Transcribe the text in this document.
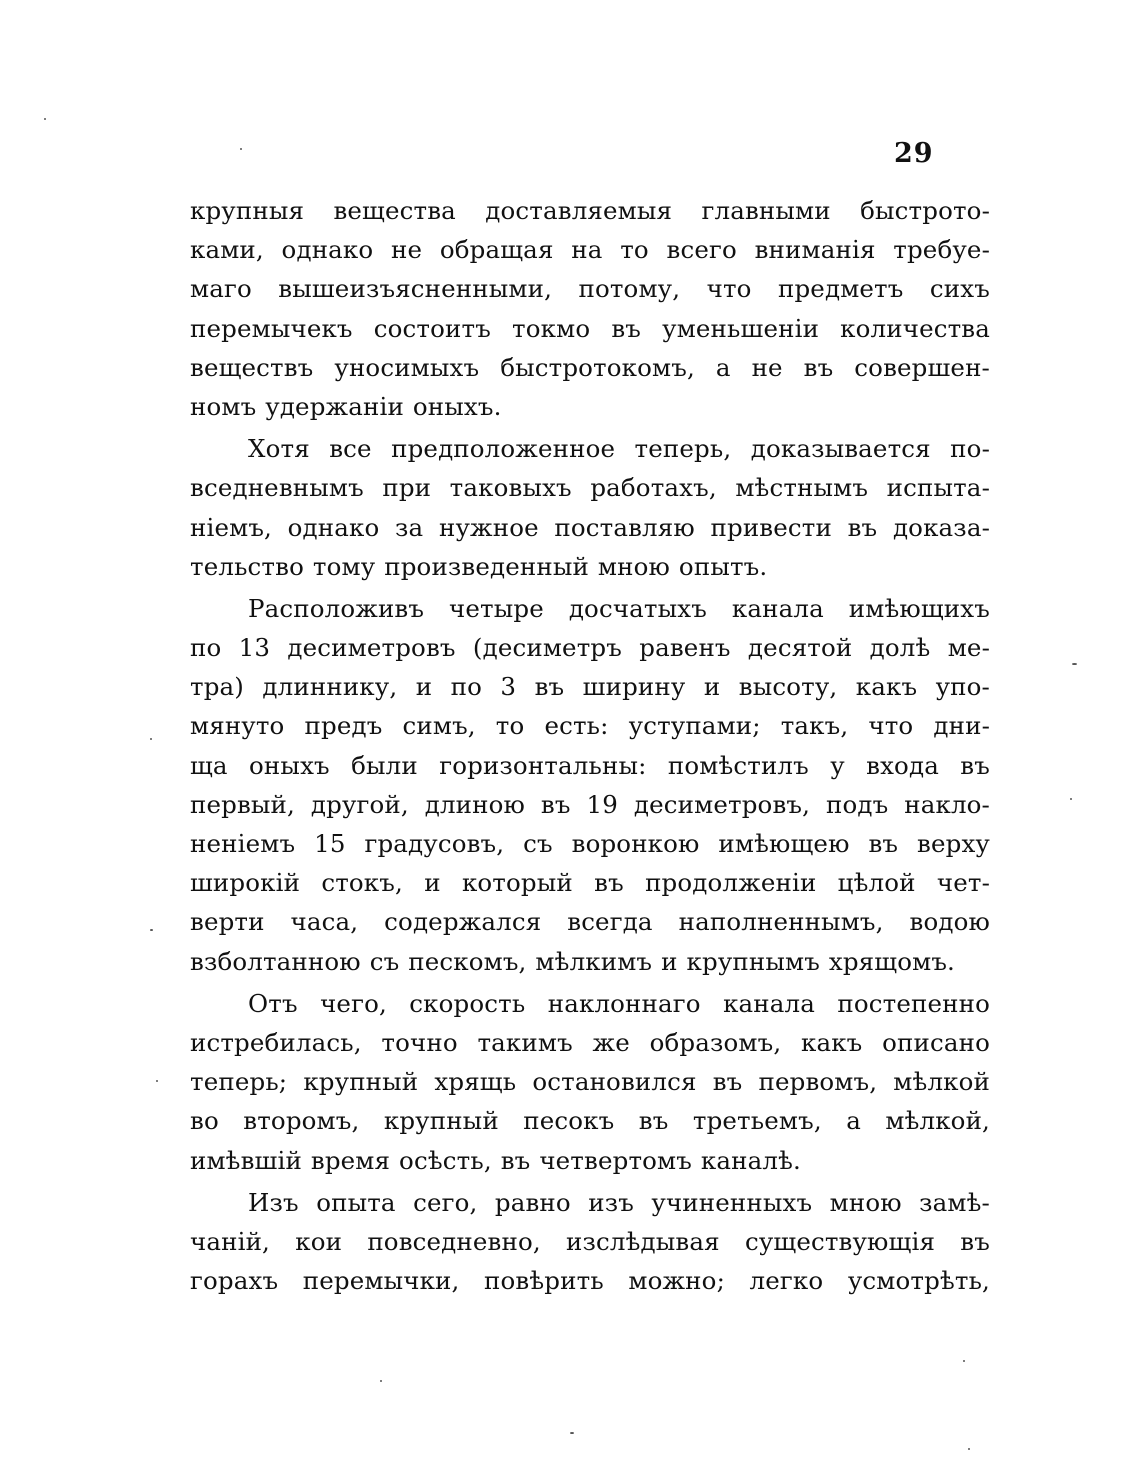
29
крупныя вещества доставляемыя главными быстрото-
ками, однако не обращая на то всего вниманія требуе-
маго вышеизъясненными, потому, что предметъ сихъ
перемычекъ состоитъ токмо въ уменьшеніи количества
веществъ уносимыхъ быстротокомъ, а не въ совершен-
номъ удержаніи оныхъ.
Хотя все предположенное теперь, доказывается по-
вседневнымъ при таковыхъ работахъ, мѣстнымъ испыта-
ніемъ, однако за нужное поставляю привести въ доказа-
тельство тому произведенный мною опытъ.
Расположивъ четыре досчатыхъ канала имѣющихъ
по 13 десиметровъ (десиметръ равенъ десятой долѣ ме-
тра) длиннику, и по 3 въ ширину и высоту, какъ упо-
мянуто предъ симъ, то есть: уступами; такъ, что дни-
ща оныхъ были горизонтальны: помѣстилъ у входа въ
первый, другой, длиною въ 19 десиметровъ, подъ накло-
неніемъ 15 градусовъ, съ воронкою имѣющею въ верху
широкій стокъ, и который въ продолженіи цѣлой чет-
верти часа, содержался всегда наполненнымъ, водою
взболтанною съ пескомъ, мѣлкимъ и крупнымъ хрящомъ.
Отъ чего, скорость наклоннаго канала постепенно
истребилась, точно такимъ же образомъ, какъ описано
теперь; крупный хрящь остановился въ первомъ, мѣлкой
во второмъ, крупный песокъ въ третьемъ, а мѣлкой,
имѣвшій время осѣсть, въ четвертомъ каналѣ.
Изъ опыта сего, равно изъ учиненныхъ мною замѣ-
чаній, кои повседневно, изслѣдывая существующія въ
горахъ перемычки, повѣрить можно; легко усмотрѣть,
